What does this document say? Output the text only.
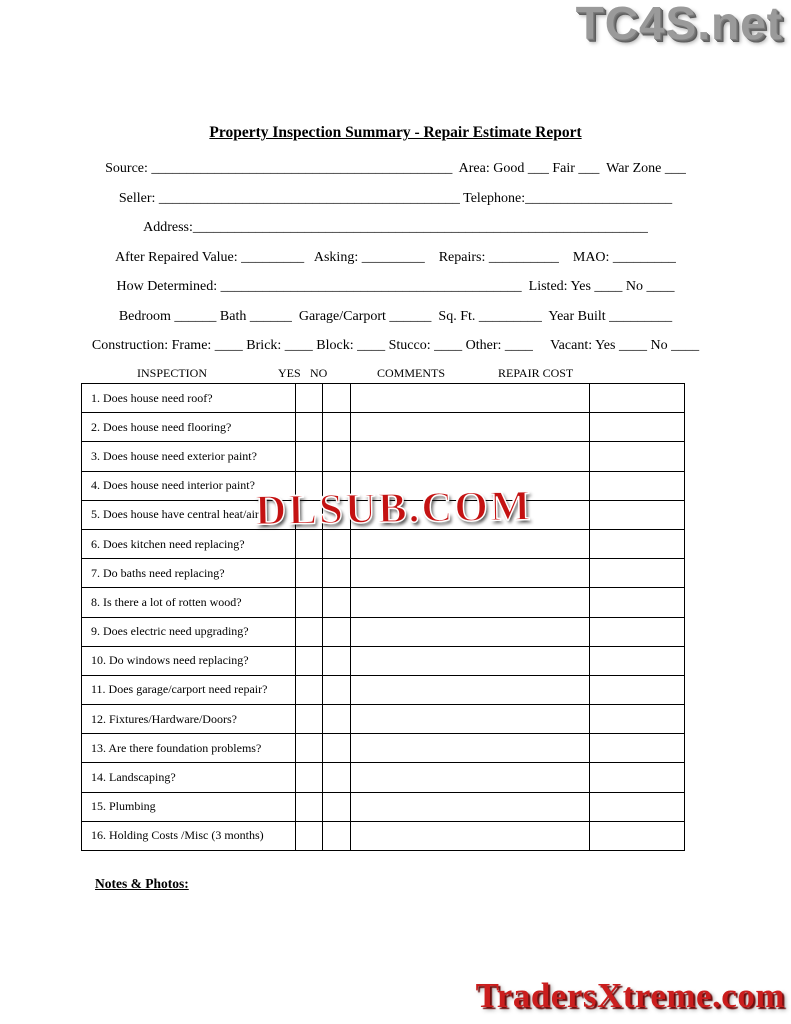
TC4S.net
Property Inspection Summary - Repair Estimate Report
Source: ___________________________________________  Area: Good ___ Fair ___  War Zone ___
Seller: ___________________________________________ Telephone:_____________________
Address:_________________________________________________________________
After Repaired Value: _________   Asking: _________    Repairs: __________    MAO: _________
How Determined: ___________________________________________  Listed: Yes ____ No ____
Bedroom ______ Bath ______  Garage/Carport ______  Sq. Ft. _________  Year Built _________
Construction: Frame: ____ Brick: ____ Block: ____ Stucco: ____ Other: ____     Vacant: Yes ____ No ____
INSPECTION	YES NO	COMMENTS	REPAIR COST
1. Does house need roof?				
2. Does house need flooring?				
3. Does house need exterior paint?				
4. Does house need interior paint?				
5. Does house have central heat/air?				
6. Does kitchen need replacing?				
7. Do baths need replacing?				
8. Is there a lot of rotten wood?				
9. Does electric need upgrading?				
10. Do windows need replacing?				
11. Does garage/carport need repair?				
12. Fixtures/Hardware/Doors?				
13. Are there foundation problems?				
14. Landscaping?				
15. Plumbing				
16. Holding Costs /Misc (3 months)				
DLSUB.COM
Notes & Photos:
TradersXtreme.com
